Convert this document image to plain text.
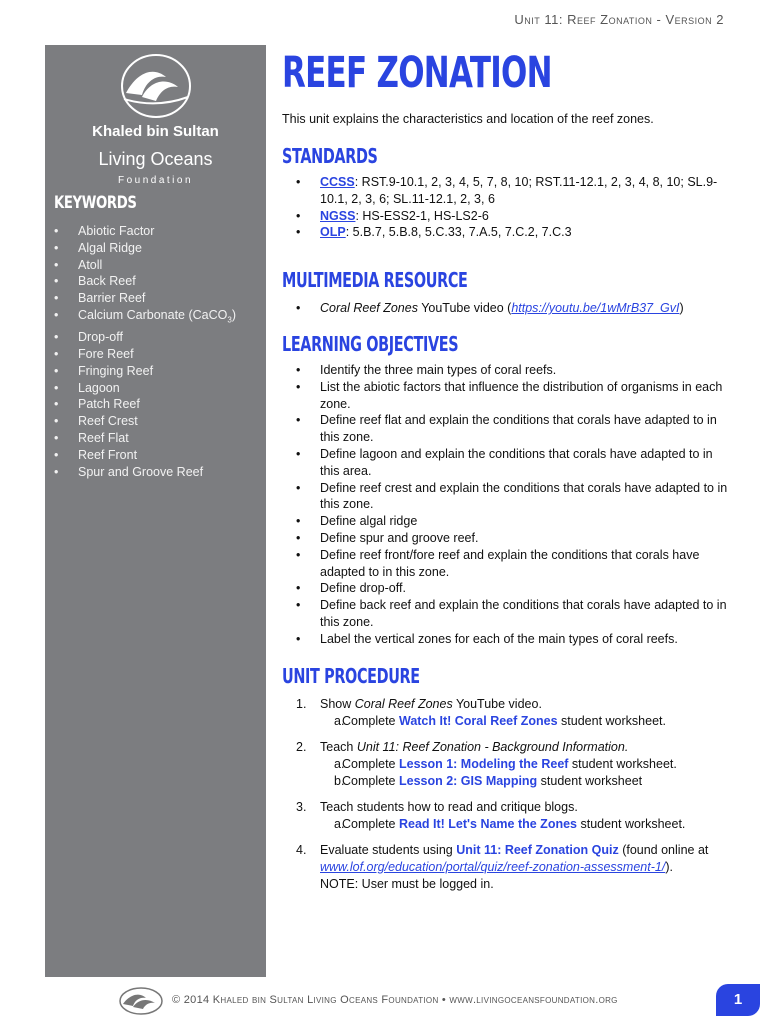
Unit 11: Reef Zonation - Version 2
Khaled bin Sultan
Living Oceans
Foundation
KEYWORDS
• Abiotic Factor
• Algal Ridge
• Atoll
• Back Reef
• Barrier Reef
• Calcium Carbonate (CaCO$_3$)
• Drop-off
• Fore Reef
• Fringing Reef
• Lagoon
• Patch Reef
• Reef Crest
• Reef Flat
• Reef Front
• Spur and Groove Reef
REEF ZONATION
This unit explains the characteristics and location of the reef zones.
STANDARDS
• CCSS: RST.9-10.1, 2, 3, 4, 5, 7, 8, 10; RST.11-12.1, 2, 3, 4, 8, 10; SL.9-10.1, 2, 3, 6; SL.11-12.1, 2, 3, 6
• NGSS: HS-ESS2-1, HS-LS2-6
• OLP: 5.B.7, 5.B.8, 5.C.33, 7.A.5, 7.C.2, 7.C.3
MULTIMEDIA RESOURCE
• Coral Reef Zones YouTube video (https://youtu.be/1wMrB37_GvI)
LEARNING OBJECTIVES
• Identify the three main types of coral reefs.
• List the abiotic factors that influence the distribution of organisms in each zone.
• Define reef flat and explain the conditions that corals have adapted to in this zone.
• Define lagoon and explain the conditions that corals have adapted to in this area.
• Define reef crest and explain the conditions that corals have adapted to in this zone.
• Define algal ridge
• Define spur and groove reef.
• Define reef front/fore reef and explain the conditions that corals have adapted to in this zone.
• Define drop-off.
• Define back reef and explain the conditions that corals have adapted to in this zone.
• Label the vertical zones for each of the main types of coral reefs.
UNIT PROCEDURE
1. Show Coral Reef Zones YouTube video.
a.
Complete Watch It! Coral Reef Zones student worksheet.
2. Teach Unit 11: Reef Zonation - Background Information.
a.
Complete Lesson 1: Modeling the Reef student worksheet.
b.
Complete Lesson 2: GIS Mapping student worksheet
3. Teach students how to read and critique blogs.
a.
Complete Read It! Let's Name the Zones student worksheet.
4. Evaluate students using Unit 11: Reef Zonation Quiz (found online at www.lof.org/education/portal/quiz/reef-zonation-assessment-1/).
NOTE: User must be logged in.
© 2014 Khaled bin Sultan Living Oceans Foundation • www.livingoceansfoundation.org	1
